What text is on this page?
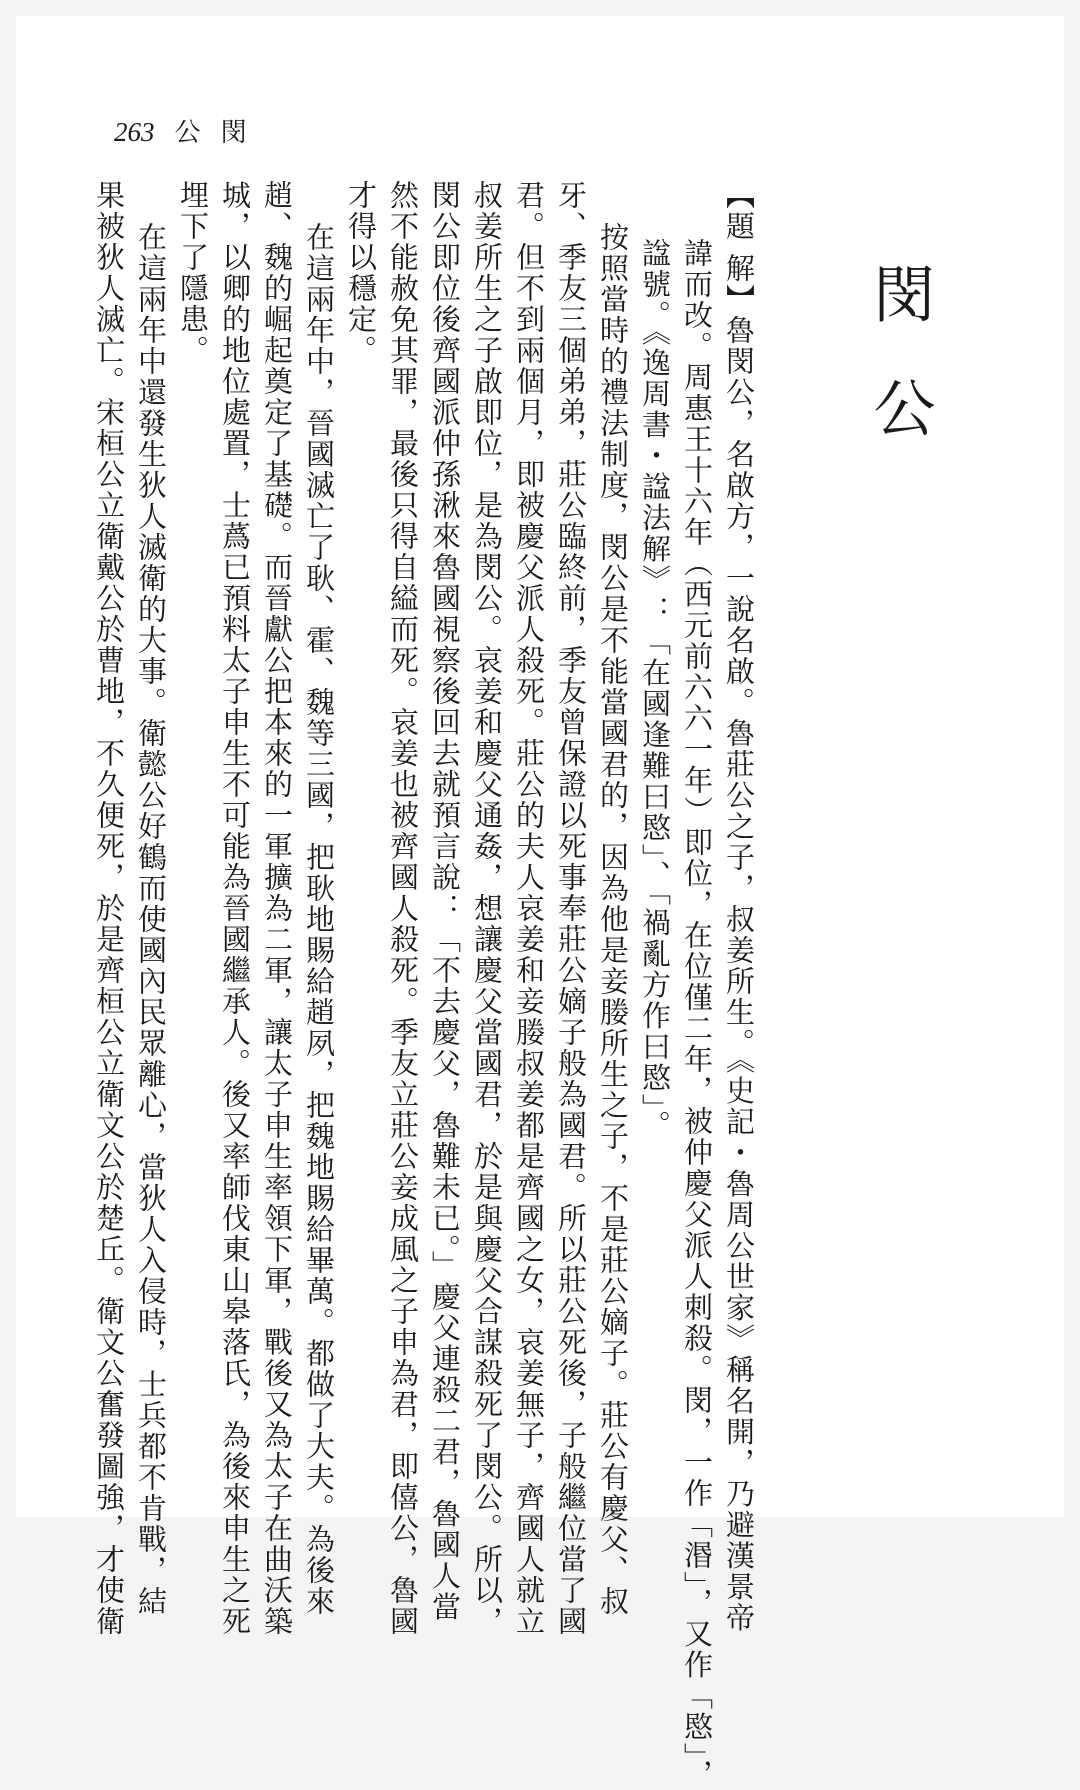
263 公 閔
閔公
【題 解】魯閔公，名啟方，一說名啟。魯莊公之子，叔姜所生。《史記・魯周公世家》稱名開，乃避漢景帝
諱而改。周惠王十六年（西元前六六一年）即位，在位僅二年，被仲慶父派人刺殺。閔，一作「湣」，又作「愍」，
諡號。《逸周書・諡法解》：「在國逢難曰愍」、「禍亂方作曰愍」。
按照當時的禮法制度，閔公是不能當國君的，因為他是妾媵所生之子，不是莊公嫡子。莊公有慶父、叔
牙、季友三個弟弟，莊公臨終前，季友曾保證以死事奉莊公嫡子般為國君。所以莊公死後，子般繼位當了國
君。但不到兩個月，即被慶父派人殺死。莊公的夫人哀姜和妾媵叔姜都是齊國之女，哀姜無子，齊國人就立
叔姜所生之子啟即位，是為閔公。哀姜和慶父通姦，想讓慶父當國君，於是與慶父合謀殺死了閔公。所以，
閔公即位後齊國派仲孫湫來魯國視察後回去就預言說：「不去慶父，魯難未已。」慶父連殺二君，魯國人當
然不能赦免其罪，最後只得自縊而死。哀姜也被齊國人殺死。季友立莊公妾成風之子申為君，即僖公，魯國
才得以穩定。
在這兩年中，晉國滅亡了耿、霍、魏等三國，把耿地賜給趙夙，把魏地賜給畢萬。都做了大夫。為後來
趙、魏的崛起奠定了基礎。而晉獻公把本來的一軍擴為二軍，讓太子申生率領下軍，戰後又為太子在曲沃築
城，以卿的地位處置，士蔿已預料太子申生不可能為晉國繼承人。後又率師伐東山皋落氏，為後來申生之死
埋下了隱患。
在這兩年中還發生狄人滅衛的大事。衛懿公好鶴而使國內民眾離心，當狄人入侵時，士兵都不肯戰，結
果被狄人滅亡。宋桓公立衛戴公於曹地，不久便死，於是齊桓公立衛文公於楚丘。衛文公奮發圖強，才使衛
